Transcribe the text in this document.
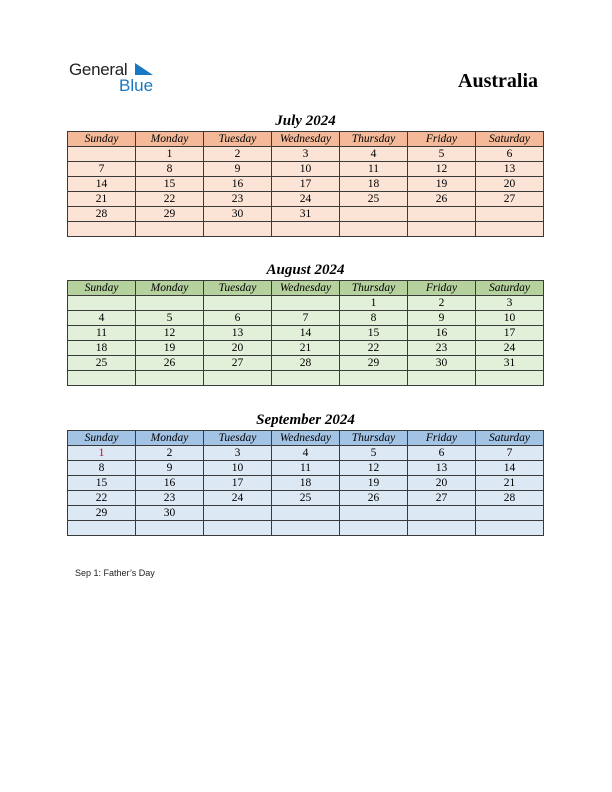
General
Blue	Australia
July 2024
Sunday	Monday	Tuesday	Wednesday	Thursday	Friday	Saturday
	1	2	3	4	5	6
7	8	9	10	11	12	13
14	15	16	17	18	19	20
21	22	23	24	25	26	27
28	29	30	31			

August 2024
Sunday	Monday	Tuesday	Wednesday	Thursday	Friday	Saturday
				1	2	3
4	5	6	7	8	9	10
11	12	13	14	15	16	17
18	19	20	21	22	23	24
25	26	27	28	29	30	31

September 2024
Sunday	Monday	Tuesday	Wednesday	Thursday	Friday	Saturday
1	2	3	4	5	6	7
8	9	10	11	12	13	14
15	16	17	18	19	20	21
22	23	24	25	26	27	28
29	30					

Sep 1: Father’s Day
